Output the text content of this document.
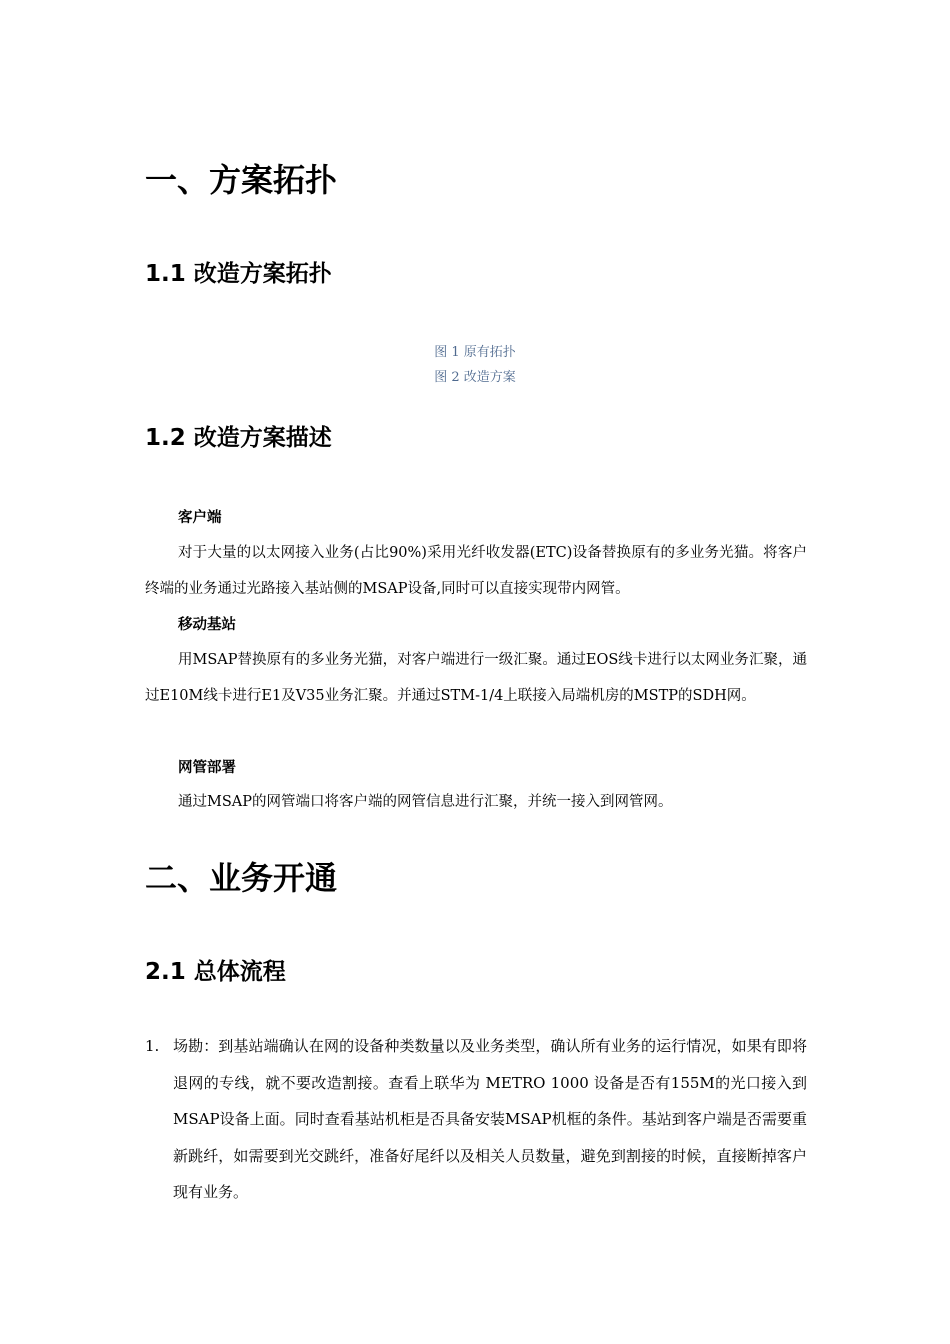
一、方案拓扑
1.1 改造方案拓扑
图 1 原有拓扑
图 2 改造方案
1.2 改造方案描述
客户端

对于大量的以太网接入业务(占比90%)采用光纤收发器(ETC)设备替换原有的多业务光猫。将客户终端的业务通过光路接入基站侧的MSAP设备,同时可以直接实现带内网管。

移动基站

用MSAP替换原有的多业务光猫，对客户端进行一级汇聚。通过EOS线卡进行以太网业务汇聚，通过E10M线卡进行E1及V35业务汇聚。并通过STM-1/4上联接入局端机房的MSTP的SDH网。

网管部署

通过MSAP的网管端口将客户端的网管信息进行汇聚，并统一接入到网管网。

二、业务开通
2.1 总体流程
1. 场勘：到基站端确认在网的设备种类数量以及业务类型，确认所有业务的运行情况，如果有即将退网的专线，就不要改造割接。查看上联华为 METRO 1000 设备是否有155M的光口接入到MSAP设备上面。同时查看基站机柜是否具备安装MSAP机框的条件。基站到客户端是否需要重新跳纤，如需要到光交跳纤，准备好尾纤以及相关人员数量，避免到割接的时候，直接断掉客户现有业务。
